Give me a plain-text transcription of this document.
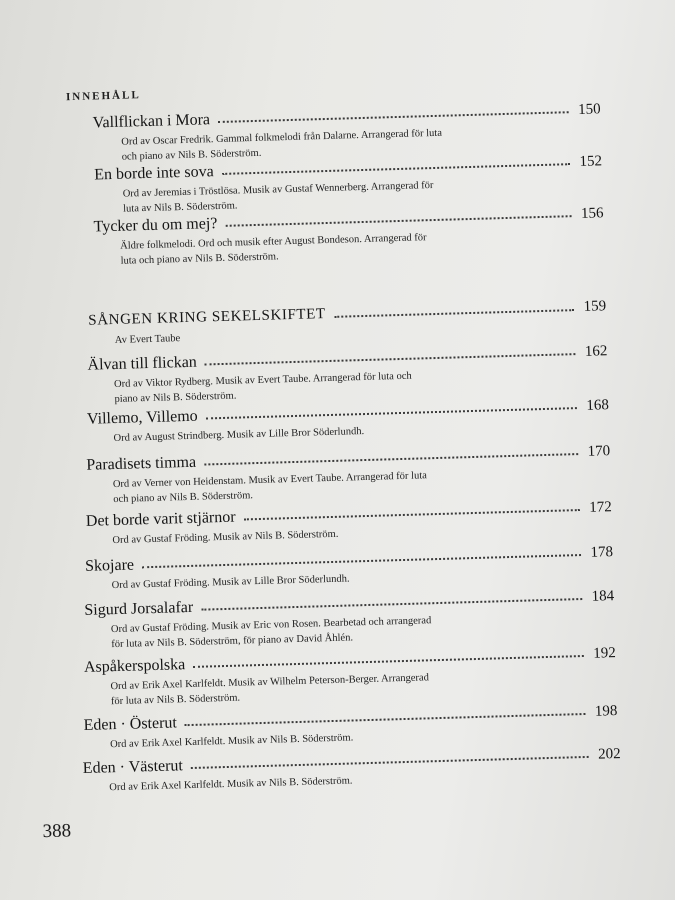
INNEHÅLL
Vallflickan i Mora
150
Ord av Oscar Fredrik. Gammal folkmelodi från Dalarne. Arrangerad för luta
och piano av Nils B. Söderström.
En borde inte sova
152
Ord av Jeremias i Tröstlösa. Musik av Gustaf Wennerberg. Arrangerad för
luta av Nils B. Söderström.
Tycker du om mej?
156
Äldre folkmelodi. Ord och musik efter August Bondeson. Arrangerad för
luta och piano av Nils B. Söderström.
SÅNGEN KRING SEKELSKIFTET	159
Av Evert Taube
Älvan till flickan
162
Ord av Viktor Rydberg. Musik av Evert Taube. Arrangerad för luta och
piano av Nils B. Söderström.
Villemo, Villemo
168
Ord av August Strindberg. Musik av Lille Bror Söderlundh.
Paradisets timma
170
Ord av Verner von Heidenstam. Musik av Evert Taube. Arrangerad för luta
och piano av Nils B. Söderström.
Det borde varit stjärnor
172
Ord av Gustaf Fröding. Musik av Nils B. Söderström.
Skojare
178
Ord av Gustaf Fröding. Musik av Lille Bror Söderlundh.
Sigurd Jorsalafar
184
Ord av Gustaf Fröding. Musik av Eric von Rosen. Bearbetad och arrangerad
för luta av Nils B. Söderström, för piano av David Åhlén.
Aspåkerspolska
192
Ord av Erik Axel Karlfeldt. Musik av Wilhelm Peterson-Berger. Arrangerad
för luta av Nils B. Söderström.
Eden · Österut
198
Ord av Erik Axel Karlfeldt. Musik av Nils B. Söderström.
Eden · Västerut
202
Ord av Erik Axel Karlfeldt. Musik av Nils B. Söderström.
388
